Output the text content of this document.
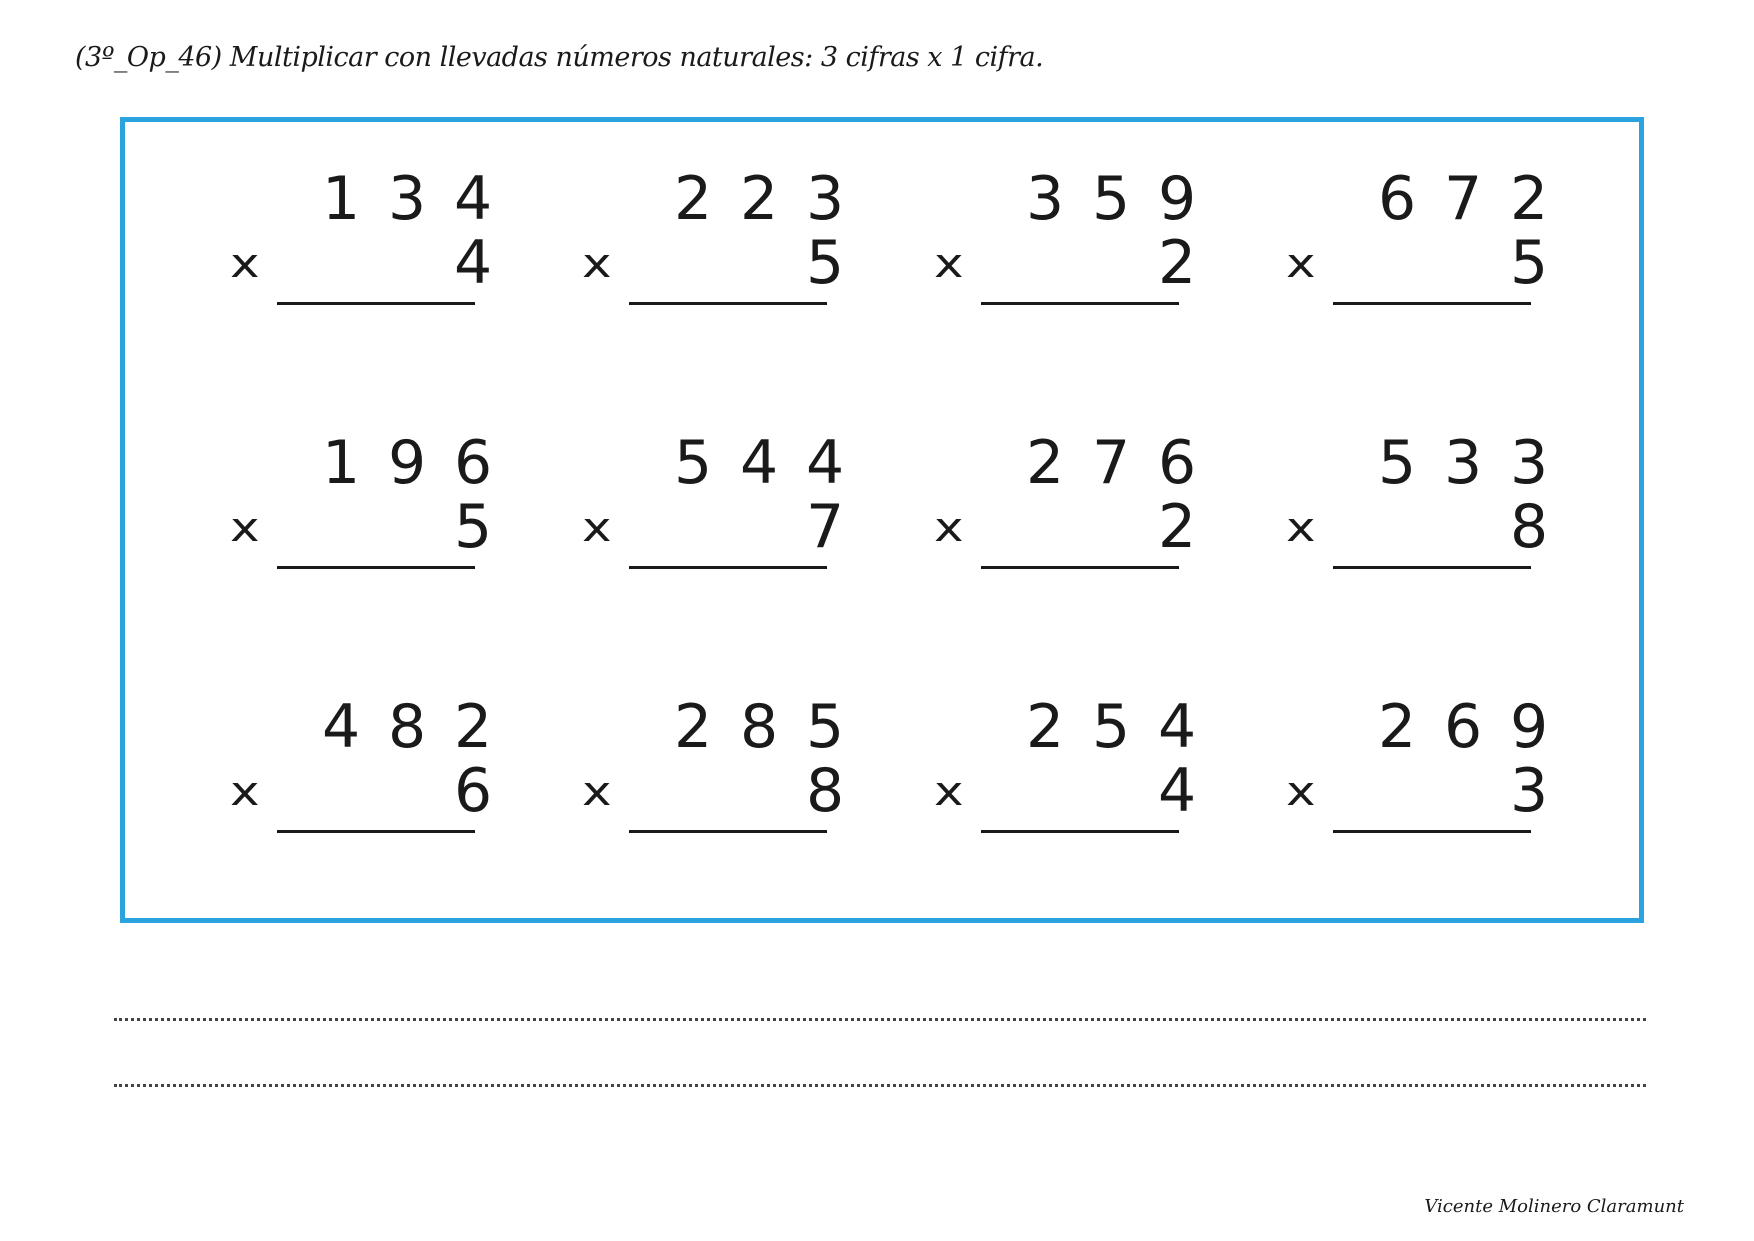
(3º_Op_46) Multiplicar con llevadas números naturales: 3 cifras x 1 cifra.
1 3 4
x	4
2 2 3
x	5
3 5 9
x	2
6 7 2
x	5
1 9 6
x	5
5 4 4
x	7
2 7 6
x	2
5 3 3
x	8
4 8 2
x	6
2 8 5
x	8
2 5 4
x	4
2 6 9
x	3
Vicente Molinero Claramunt
